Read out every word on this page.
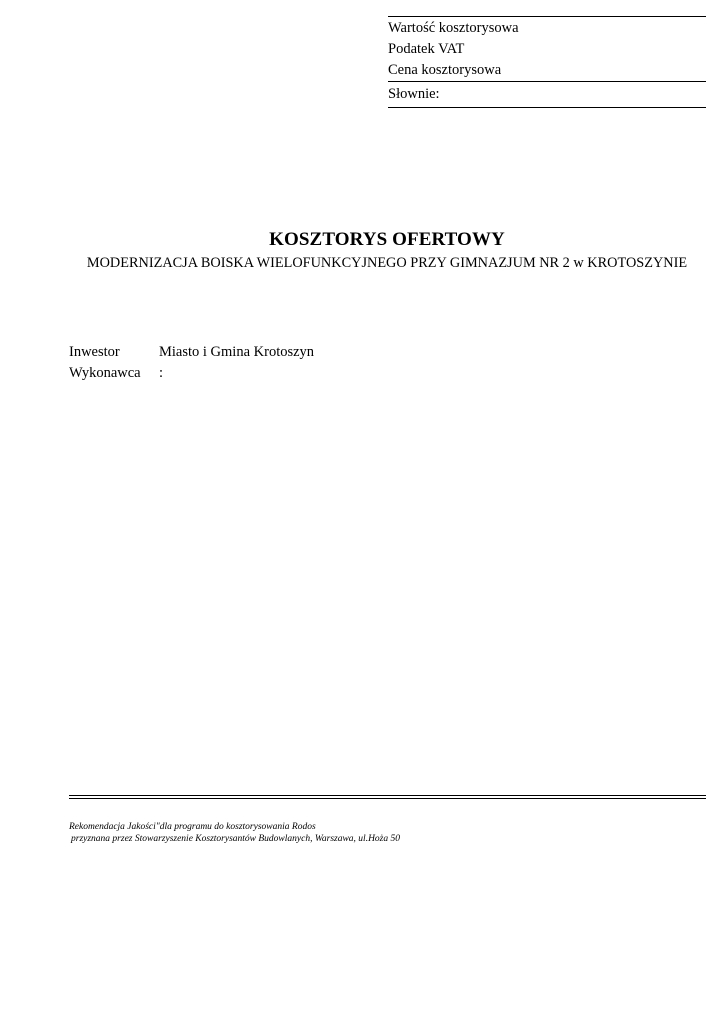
Wartość kosztorysowa
Podatek VAT
Cena kosztorysowa
Słownie:
KOSZTORYS OFERTOWY
MODERNIZACJA BOISKA WIELOFUNKCYJNEGO PRZY GIMNAZJUM NR 2 w KROTOSZYNIE
Inwestor	Miasto i Gmina Krotoszyn
Wykonawca :
Rekomendacja Jakości"dla programu do kosztorysowania Rodos
przyznana przez Stowarzyszenie Kosztorysantów Budowlanych, Warszawa, ul.Hoża 50
